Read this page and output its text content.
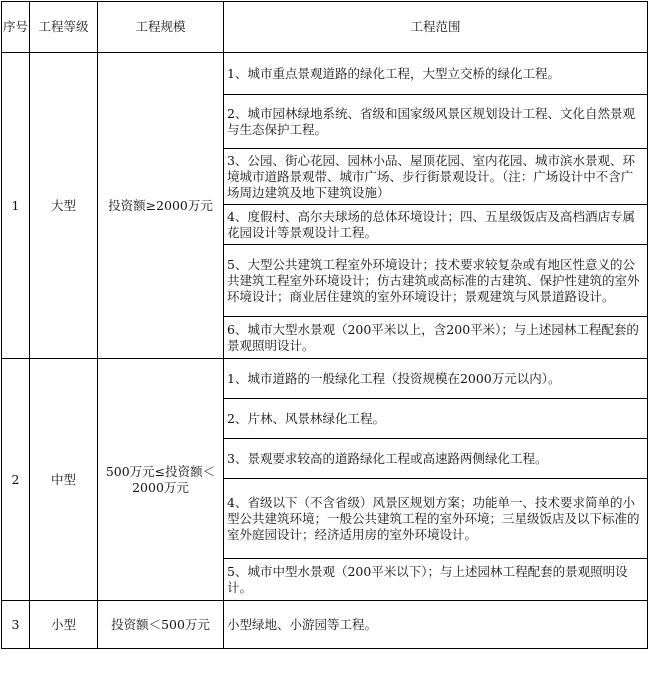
序号	工程等级	工程规模	工程范围
1	大型	投资额≥2000万元	1、城市重点景观道路的绿化工程，大型立交桥的绿化工程。
			2、城市园林绿地系统、省级和国家级风景区规划设计工程、文化自然景观与生态保护工程。
			3、公园、街心花园、园林小品、屋顶花园、室内花园、城市滨水景观、环境城市道路景观带、城市广场、步行街景观设计。（注：广场设计中不含广场周边建筑及地下建筑设施）
			4、度假村、高尔夫球场的总体环境设计；四、五星级饭店及高档酒店专属花园设计等景观设计工程。
			5、大型公共建筑工程室外环境设计；技术要求较复杂或有地区性意义的公共建筑工程室外环境设计；仿古建筑或高标准的古建筑、保护性建筑的室外环境设计；商业居住建筑的室外环境设计；景观建筑与风景道路设计。
			6、城市大型水景观（200平米以上，含200平米）；与上述园林工程配套的景观照明设计。
2	中型	500万元≤投资额＜2000万元	1、城市道路的一般绿化工程（投资规模在2000万元以内）。
			2、片林、风景林绿化工程。
			3、景观要求较高的道路绿化工程或高速路两侧绿化工程。
			4、省级以下（不含省级）风景区规划方案；功能单一、技术要求简单的小型公共建筑环境；一般公共建筑工程的室外环境；三星级饭店及以下标准的室外庭园设计；经济适用房的室外环境设计。
			5、城市中型水景观（200平米以下）；与上述园林工程配套的景观照明设计。
3	小型	投资额＜500万元	小型绿地、小游园等工程。
